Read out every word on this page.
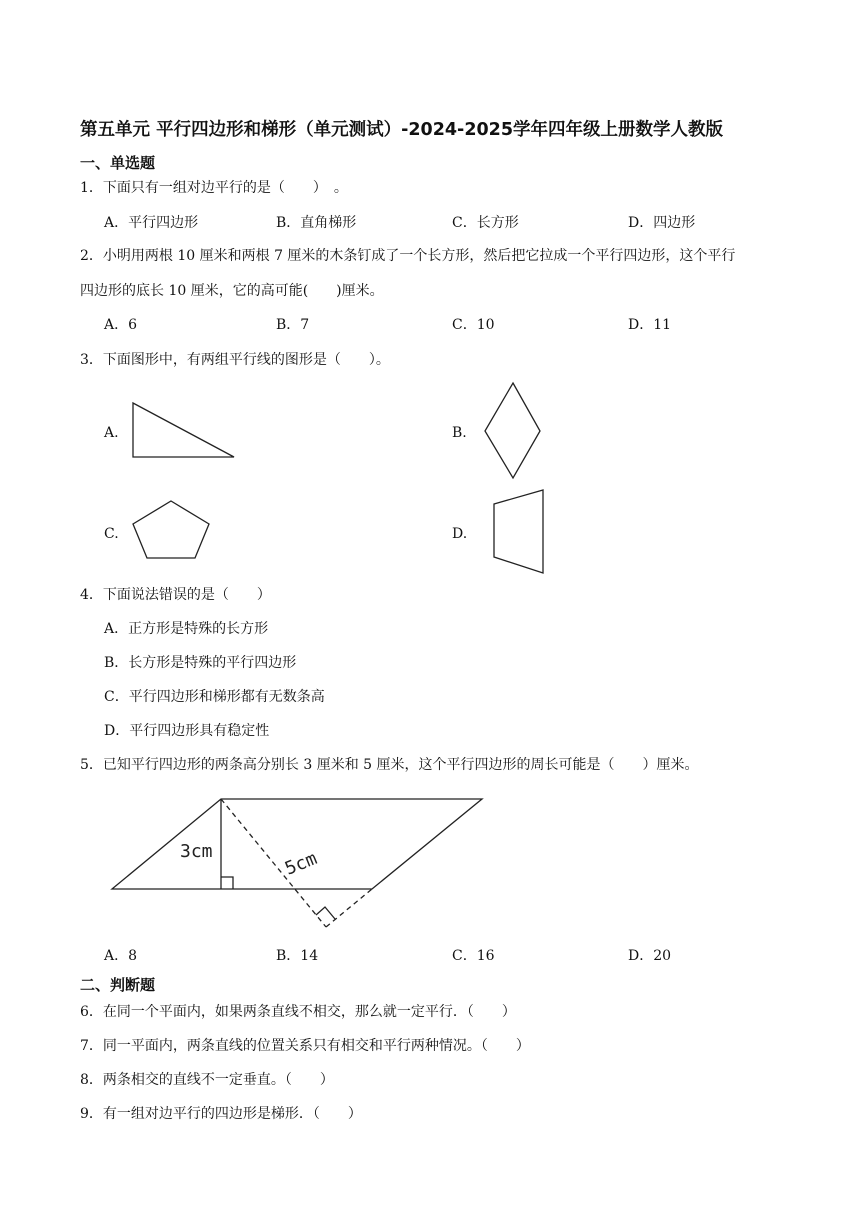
第五单元 平行四边形和梯形（单元测试）-2024-2025学年四年级上册数学人教版
一、单选题
1．下面只有一组对边平行的是（　　）　。
A．平行四边形	B．直角梯形	C．长方形	D．四边形
2．小明用两根 10 厘米和两根 7 厘米的木条钉成了一个长方形，然后把它拉成一个平行四边形，这个平行
四边形的底长 10 厘米，它的高可能(　　)厘米。
A．6	B．7	C．10	D．11
3．下面图形中，有两组平行线的图形是（　　）。
A.	B.
C.	D.
4．下面说法错误的是（　　）
A．正方形是特殊的长方形
B．长方形是特殊的平行四边形
C．平行四边形和梯形都有无数条高
D．平行四边形具有稳定性
5．已知平行四边形的两条高分别长 3 厘米和 5 厘米，这个平行四边形的周长可能是（　　）厘米。
3cm	5cm
A．8	B．14	C．16	D．20
二、判断题
6．在同一个平面内，如果两条直线不相交，那么就一定平行．（　　）
7．同一平面内，两条直线的位置关系只有相交和平行两种情况。（　　）
8．两条相交的直线不一定垂直。（　　）
9．有一组对边平行的四边形是梯形．（　　）
